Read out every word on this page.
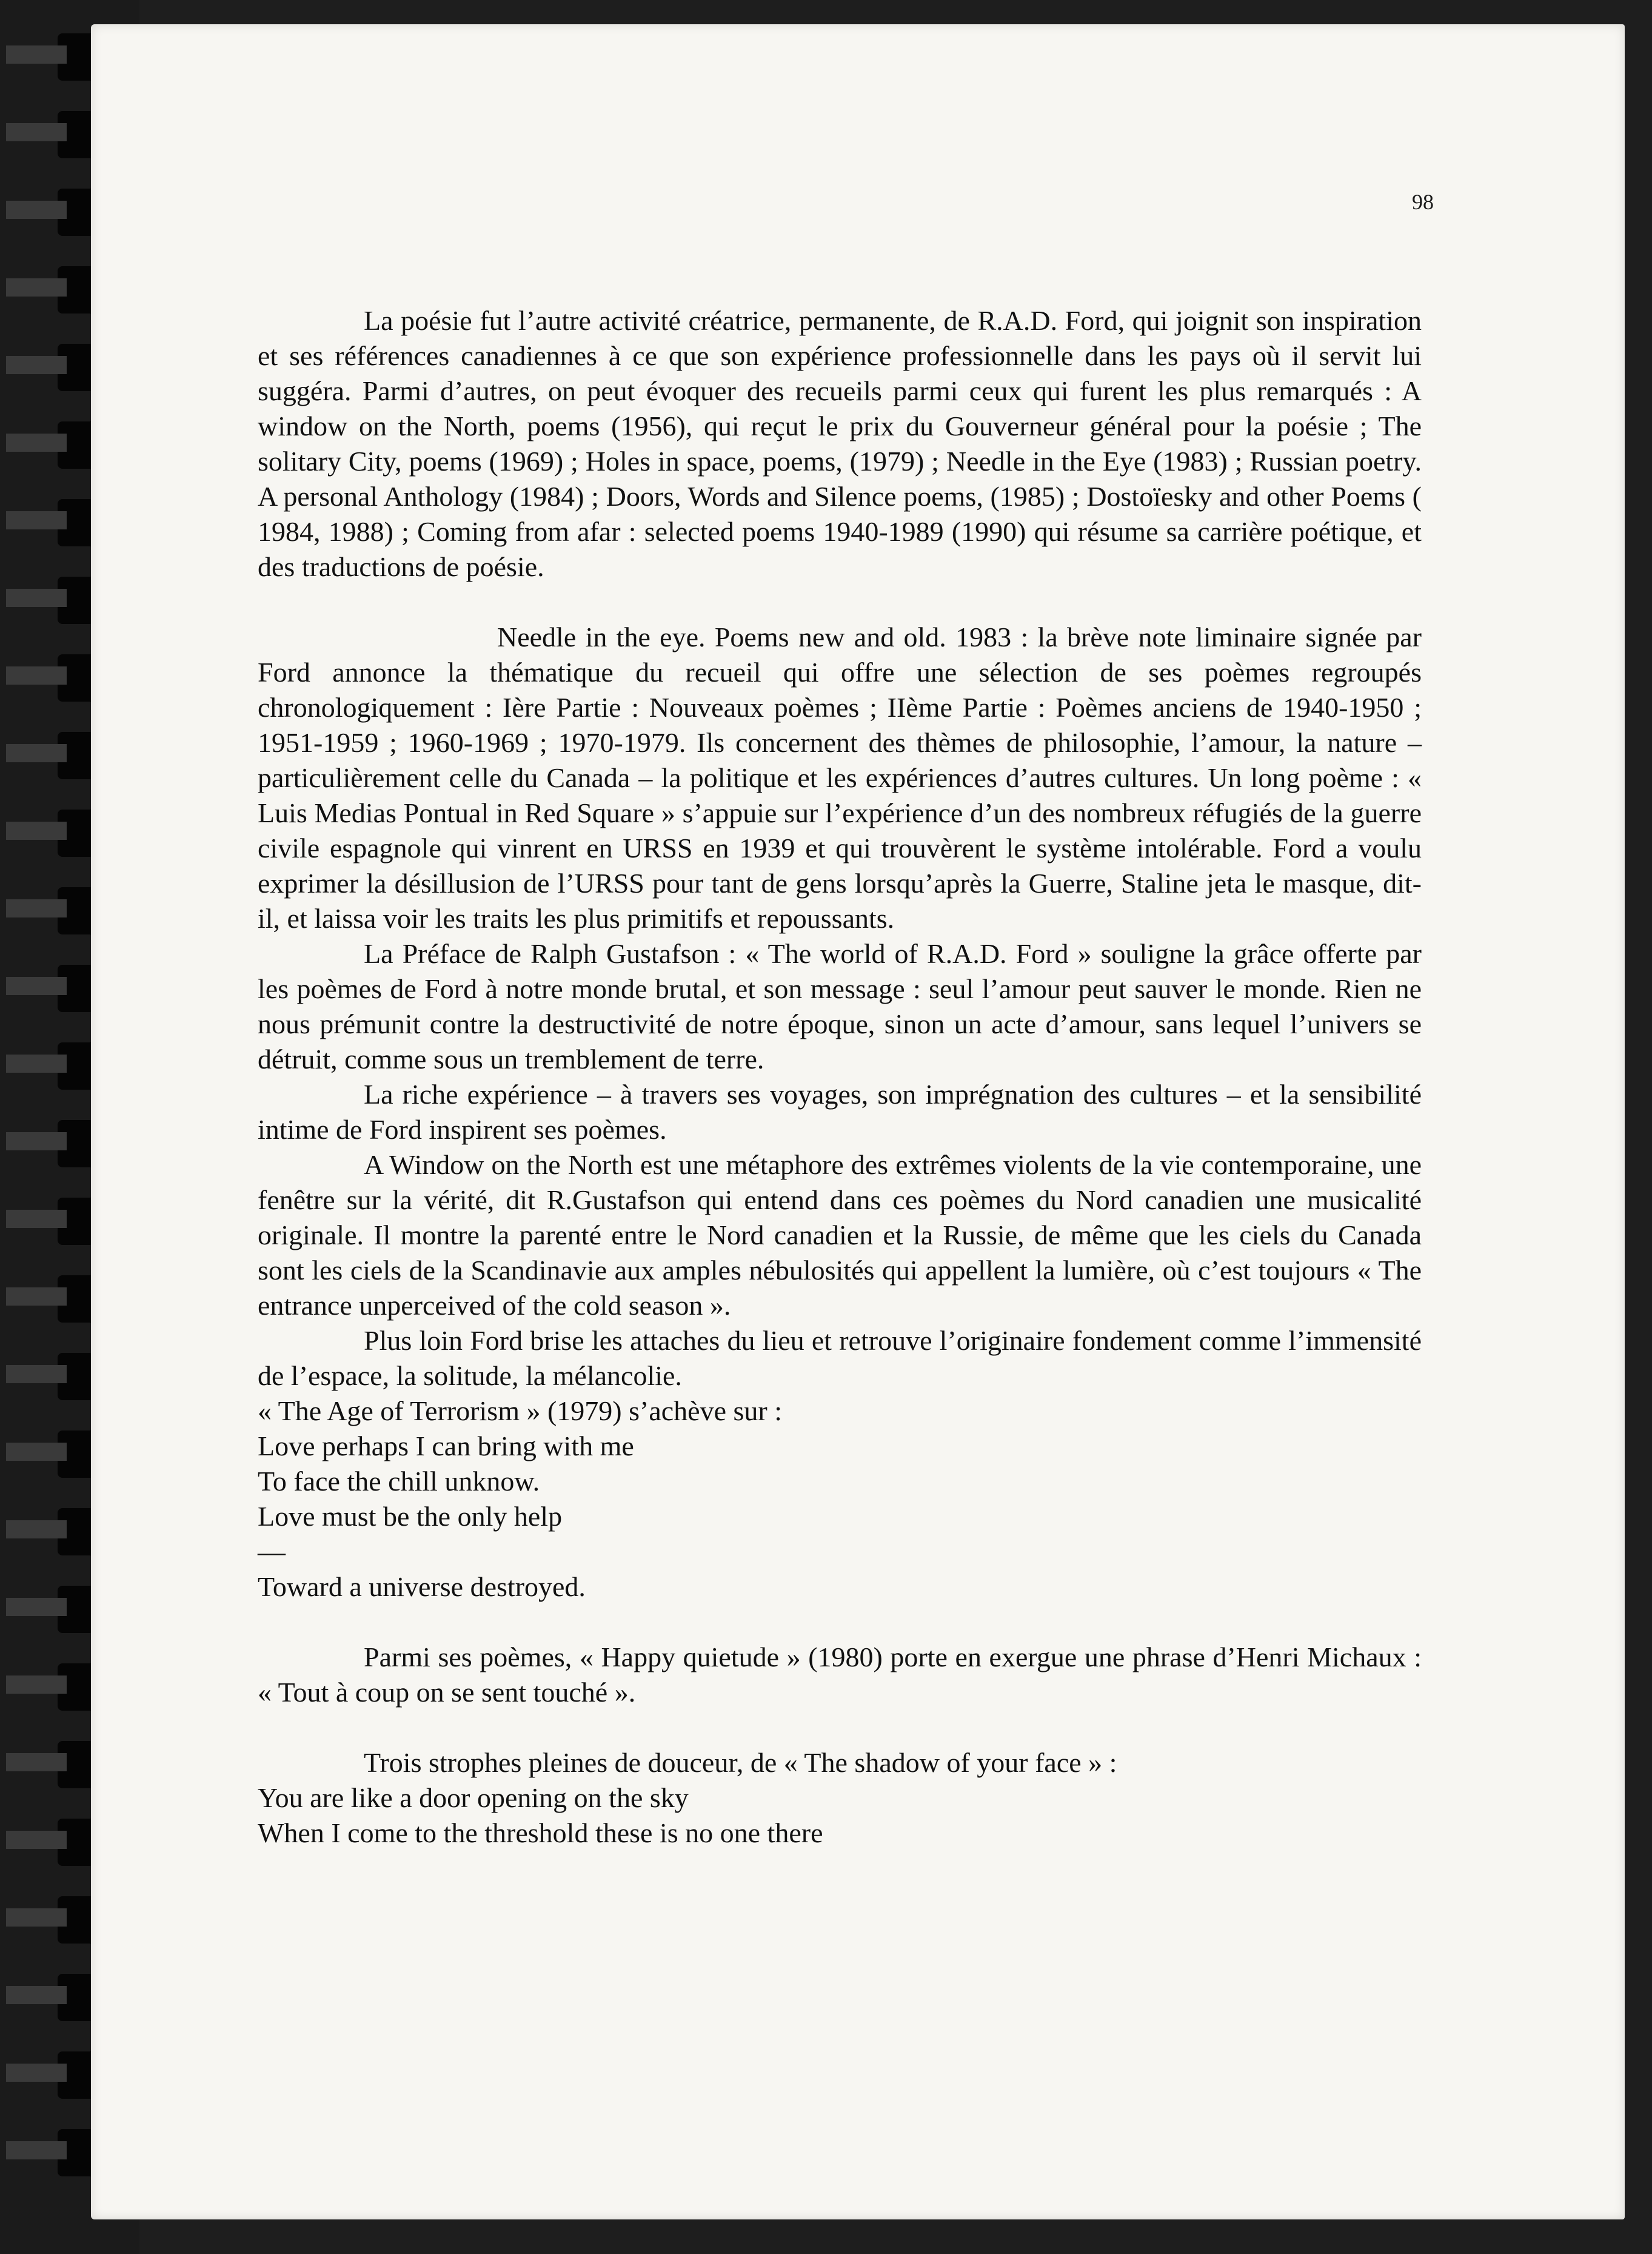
98

La poésie fut l’autre activité créatrice, permanente, de R.A.D. Ford, qui joignit son inspiration et ses références canadiennes à ce que son expérience professionnelle dans les pays où il servit lui suggéra. Parmi d’autres, on peut évoquer des recueils parmi ceux qui furent les plus remarqués : A window on the North, poems (1956), qui reçut le prix du Gouverneur général pour la poésie ; The solitary City, poems (1969) ; Holes in space, poems, (1979) ; Needle in the Eye (1983) ; Russian poetry. A personal Anthology (1984) ; Doors, Words and Silence poems, (1985) ; Dostoïesky and other Poems ( 1984, 1988) ; Coming from afar : selected poems 1940-1989 (1990) qui résume sa carrière poétique, et des traductions de poésie.

Needle in the eye. Poems new and old. 1983 : la brève note liminaire signée par Ford annonce la thématique du recueil qui offre une sélection de ses poèmes regroupés chronologiquement : Ière Partie : Nouveaux poèmes ; IIème Partie : Poèmes anciens de 1940-1950 ; 1951-1959 ; 1960-1969 ; 1970-1979. Ils concernent des thèmes de philosophie, l’amour, la nature – particulièrement celle du Canada – la politique et les expériences d’autres cultures. Un long poème : « Luis Medias Pontual in Red Square » s’appuie sur l’expérience d’un des nombreux réfugiés de la guerre civile espagnole qui vinrent en URSS en 1939 et qui trouvèrent le système intolérable. Ford a voulu exprimer la désillusion de l’URSS pour tant de gens lorsqu’après la Guerre, Staline jeta le masque, dit-il, et laissa voir les traits les plus primitifs et repoussants.

La Préface de Ralph Gustafson : « The world of R.A.D. Ford » souligne la grâce offerte par les poèmes de Ford à notre monde brutal, et son message : seul l’amour peut sauver le monde. Rien ne nous prémunit contre la destructivité de notre époque, sinon un acte d’amour, sans lequel l’univers se détruit, comme sous un tremblement de terre.

La riche expérience – à travers ses voyages, son imprégnation des cultures – et la sensibilité intime de Ford inspirent ses poèmes.

A Window on the North est une métaphore des extrêmes violents de la vie contemporaine, une fenêtre sur la vérité, dit R.Gustafson qui entend dans ces poèmes du Nord canadien une musicalité originale. Il montre la parenté entre le Nord canadien et la Russie, de même que les ciels du Canada sont les ciels de la Scandinavie aux amples nébulosités qui appellent la lumière, où c’est toujours « The entrance unperceived of the cold season ».

Plus loin Ford brise les attaches du lieu et retrouve l’originaire fondement comme l’immensité de l’espace, la solitude, la mélancolie.

« The Age of Terrorism » (1979) s’achève sur :

Love perhaps I can bring with me

To face the chill unknow.

Love must be the only help

—

Toward a universe destroyed.

Parmi ses poèmes, « Happy quietude » (1980) porte en exergue une phrase d’Henri Michaux : « Tout à coup on se sent touché ».

Trois strophes pleines de douceur, de « The shadow of your face » :

You are like a door opening on the sky

When I come to the threshold these is no one there
